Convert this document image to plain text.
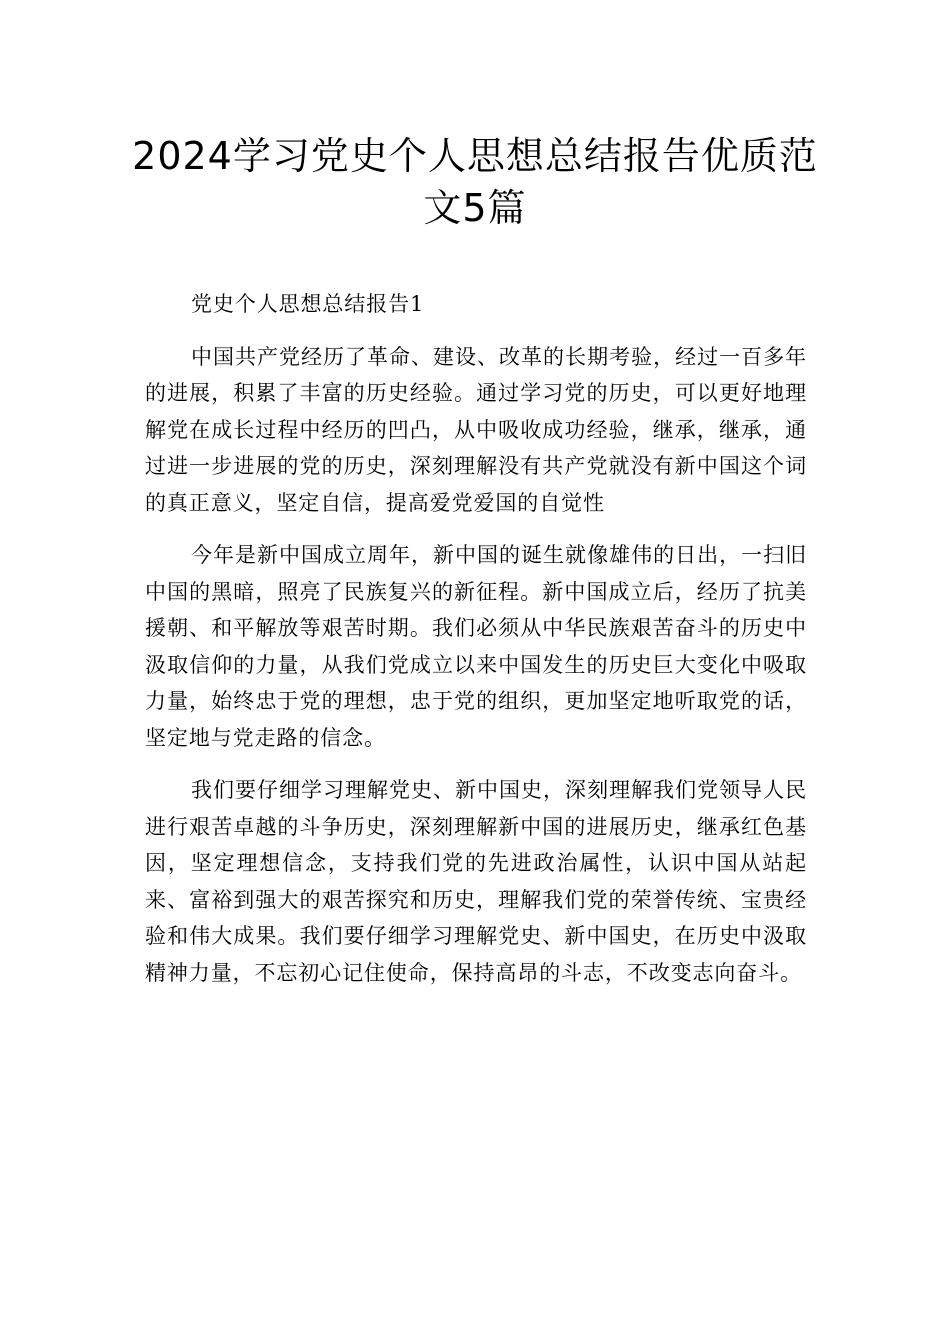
2024学习党史个人思想总结报告优质范
文5篇

党史个人思想总结报告1

中国共产党经历了革命、建设、改革的长期考验，经过一百多年的进展，积累了丰富的历史经验。通过学习党的历史，可以更好地理解党在成长过程中经历的凹凸，从中吸收成功经验，继承，继承，通过进一步进展的党的历史，深刻理解没有共产党就没有新中国这个词的真正意义，坚定自信，提高爱党爱国的自觉性

今年是新中国成立周年，新中国的诞生就像雄伟的日出，一扫旧中国的黑暗，照亮了民族复兴的新征程。新中国成立后，经历了抗美援朝、和平解放等艰苦时期。我们必须从中华民族艰苦奋斗的历史中汲取信仰的力量，从我们党成立以来中国发生的历史巨大变化中吸取力量，始终忠于党的理想，忠于党的组织，更加坚定地听取党的话，坚定地与党走路的信念。

我们要仔细学习理解党史、新中国史，深刻理解我们党领导人民进行艰苦卓越的斗争历史，深刻理解新中国的进展历史，继承红色基因，坚定理想信念，支持我们党的先进政治属性，认识中国从站起来、富裕到强大的艰苦探究和历史，理解我们党的荣誉传统、宝贵经验和伟大成果。我们要仔细学习理解党史、新中国史，在历史中汲取精神力量，不忘初心记住使命，保持高昂的斗志，不改变志向奋斗。
